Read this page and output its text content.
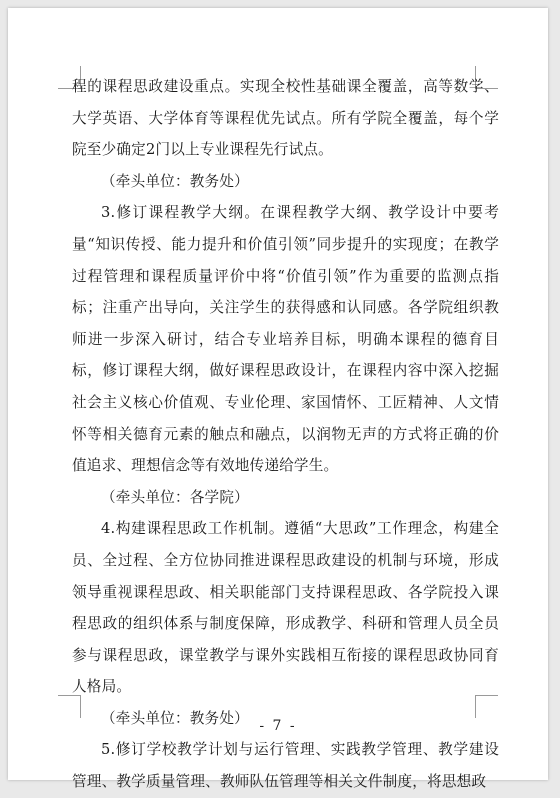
程的课程思政建设重点。实现全校性基础课全覆盖，高等数学、大学英语、大学体育等课程优先试点。所有学院全覆盖，每个学院至少确定2门以上专业课程先行试点。

（牵头单位：教务处）

3.修订课程教学大纲。在课程教学大纲、教学设计中要考量“知识传授、能力提升和价值引领”同步提升的实现度；在教学过程管理和课程质量评价中将“价值引领”作为重要的监测点指标；注重产出导向，关注学生的获得感和认同感。各学院组织教师进一步深入研讨，结合专业培养目标，明确本课程的德育目标，修订课程大纲，做好课程思政设计，在课程内容中深入挖掘社会主义核心价值观、专业伦理、家国情怀、工匠精神、人文情怀等相关德育元素的触点和融点，以润物无声的方式将正确的价值追求、理想信念等有效地传递给学生。

（牵头单位：各学院）

4.构建课程思政工作机制。遵循“大思政”工作理念，构建全员、全过程、全方位协同推进课程思政建设的机制与环境，形成领导重视课程思政、相关职能部门支持课程思政、各学院投入课程思政的组织体系与制度保障，形成教学、科研和管理人员全员参与课程思政，课堂教学与课外实践相互衔接的课程思政协同育人格局。

（牵头单位：教务处）

5.修订学校教学计划与运行管理、实践教学管理、教学建设管理、教学质量管理、教师队伍管理等相关文件制度，将思想政

- 7 -
